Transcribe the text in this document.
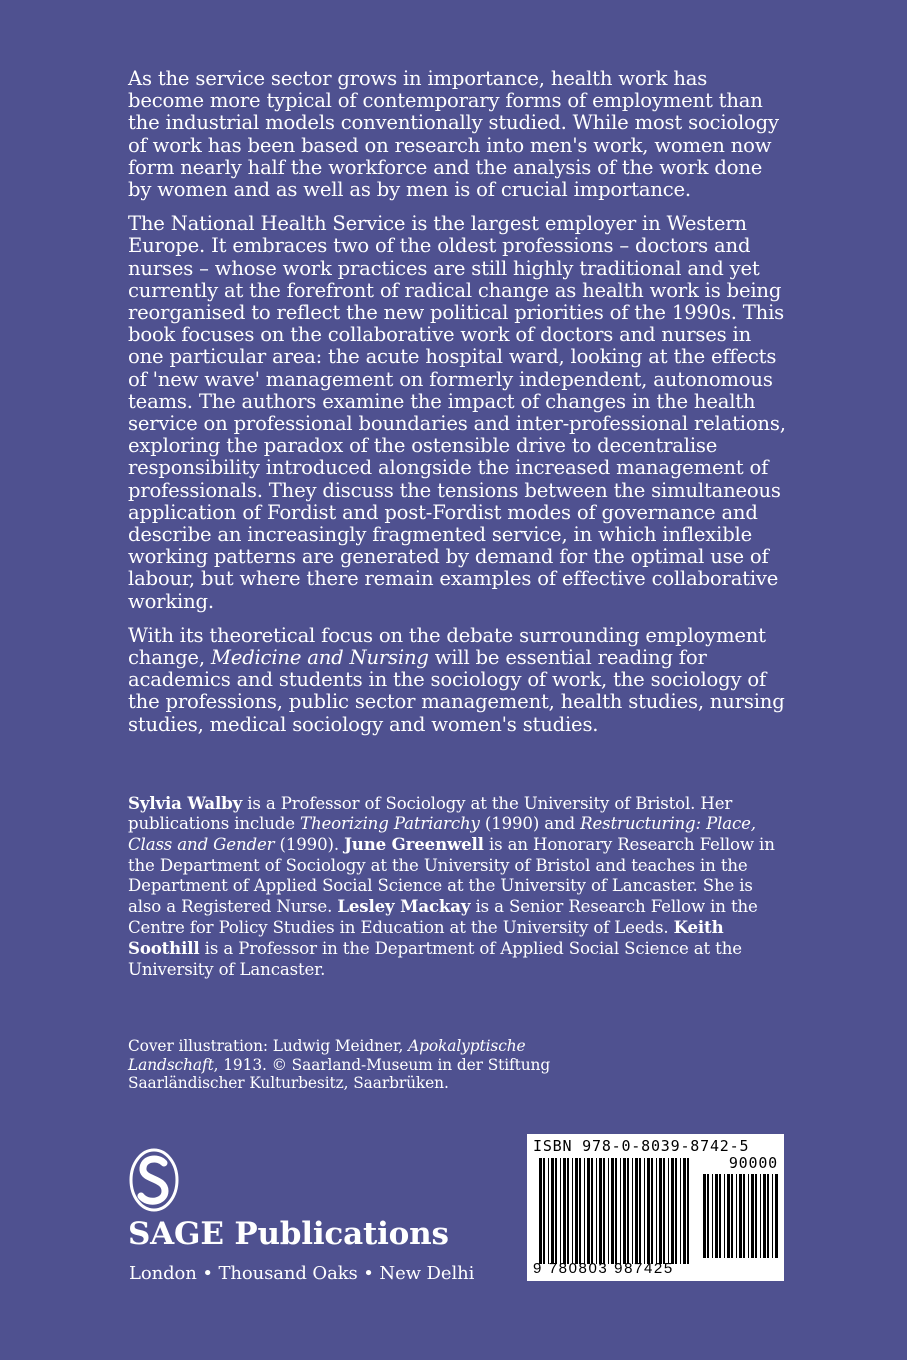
As the service sector grows in importance, health work has become more typical of contemporary forms of employment than the industrial models conventionally studied. While most sociology of work has been based on research into men's work, women now form nearly half the workforce and the analysis of the work done by women and as well as by men is of crucial importance.

The National Health Service is the largest employer in Western Europe. It embraces two of the oldest professions – doctors and nurses – whose work practices are still highly traditional and yet currently at the forefront of radical change as health work is being reorganised to reflect the new political priorities of the 1990s. This book focuses on the collaborative work of doctors and nurses in one particular area: the acute hospital ward, looking at the effects of 'new wave' management on formerly independent, autonomous teams. The authors examine the impact of changes in the health service on professional boundaries and inter-professional relations, exploring the paradox of the ostensible drive to decentralise responsibility introduced alongside the increased management of professionals. They discuss the tensions between the simultaneous application of Fordist and post-Fordist modes of governance and describe an increasingly fragmented service, in which inflexible working patterns are generated by demand for the optimal use of labour, but where there remain examples of effective collaborative working.

With its theoretical focus on the debate surrounding employment change, Medicine and Nursing will be essential reading for academics and students in the sociology of work, the sociology of the professions, public sector management, health studies, nursing studies, medical sociology and women's studies.

Sylvia Walby is a Professor of Sociology at the University of Bristol. Her publications include Theorizing Patriarchy (1990) and Restructuring: Place, Class and Gender (1990). June Greenwell is an Honorary Research Fellow in the Department of Sociology at the University of Bristol and teaches in the Department of Applied Social Science at the University of Lancaster. She is also a Registered Nurse. Lesley Mackay is a Senior Research Fellow in the Centre for Policy Studies in Education at the University of Leeds. Keith Soothill is a Professor in the Department of Applied Social Science at the University of Lancaster.

Cover illustration: Ludwig Meidner, Apokalyptische Landschaft, 1913. © Saarland-Museum in der Stiftung Saarländischer Kulturbesitz, Saarbrüken.

SAGE Publications
London • Thousand Oaks • New Delhi
ISBN 978-0-8039-8742-5
90000
9 780803 987425
